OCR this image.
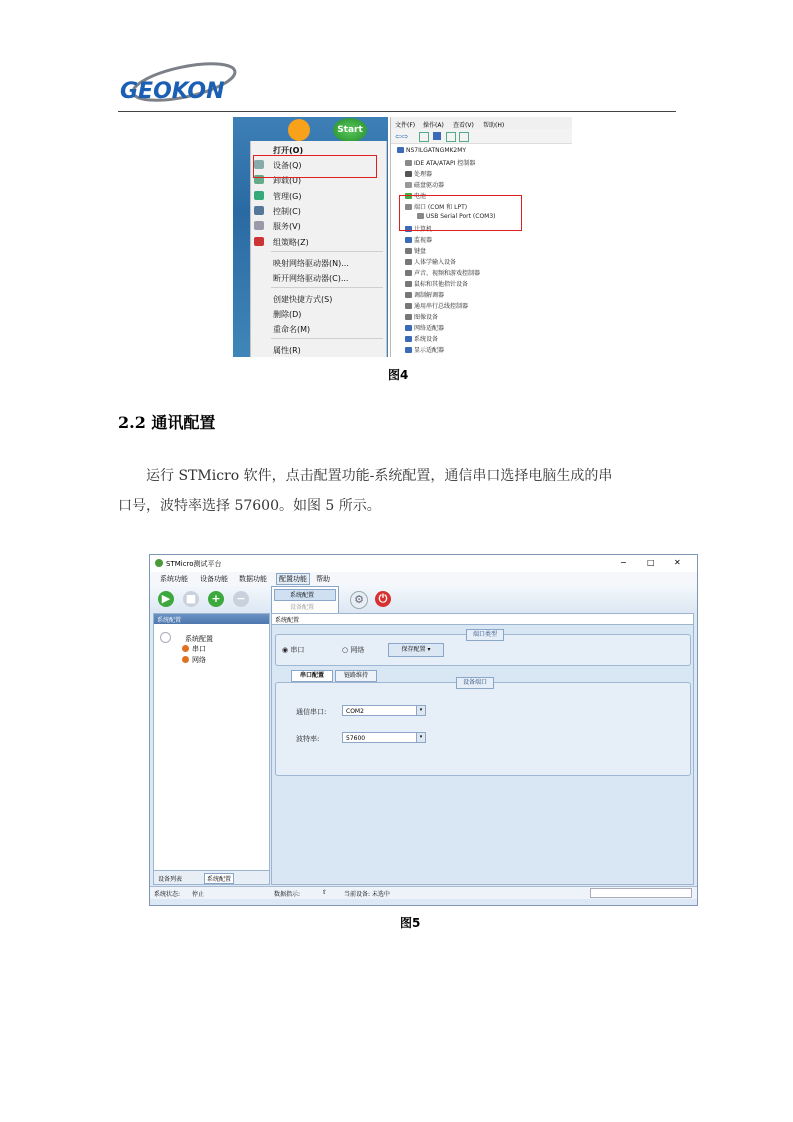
GEOKON
Start
打开(O)
设备(Q)
卸载(U)
管理(G)
控制(C)
服务(V)
组策略(Z)
映射网络驱动器(N)...
断开网络驱动器(C)...
创建快捷方式(S)
删除(D)
重命名(M)
属性(R)
文件(F) 操作(A) 查看(V) 帮助(H)
⇦⇨
NS7ILGATNGMK2MY
IDE ATA/ATAPI 控制器
处理器
磁盘驱动器
电池
端口 (COM 和 LPT)
USB Serial Port (COM3)
计算机
监视器
键盘
人体学输入设备
声音、视频和游戏控制器
鼠标和其他指针设备
调制解调器
通用串行总线控制器
图像设备
网络适配器
系统设备
显示适配器
图4
2.2 通讯配置
运行 STMicro 软件，点击配置功能-系统配置，通信串口选择电脑生成的串
口号，波特率选择 57600。如图 5 所示。
STMicro测试平台	−	□ ✕
系统功能 设备功能 数据功能	配置功能	帮助
▶	■	+	−	⚙	⏻
系统配置
设备配置
系统配置
系统配置
串口
网络
设备列表	系统配置
系统配置
端口类型
◉ 串口	○ 网络	保存配置 ▾
串口配置	链路维持
设备端口
通信串口:	COM2	▾
波特率:	57600	▾
系统状态: 停止	数据指示:	⇧	当前设备: 未选中
图5
